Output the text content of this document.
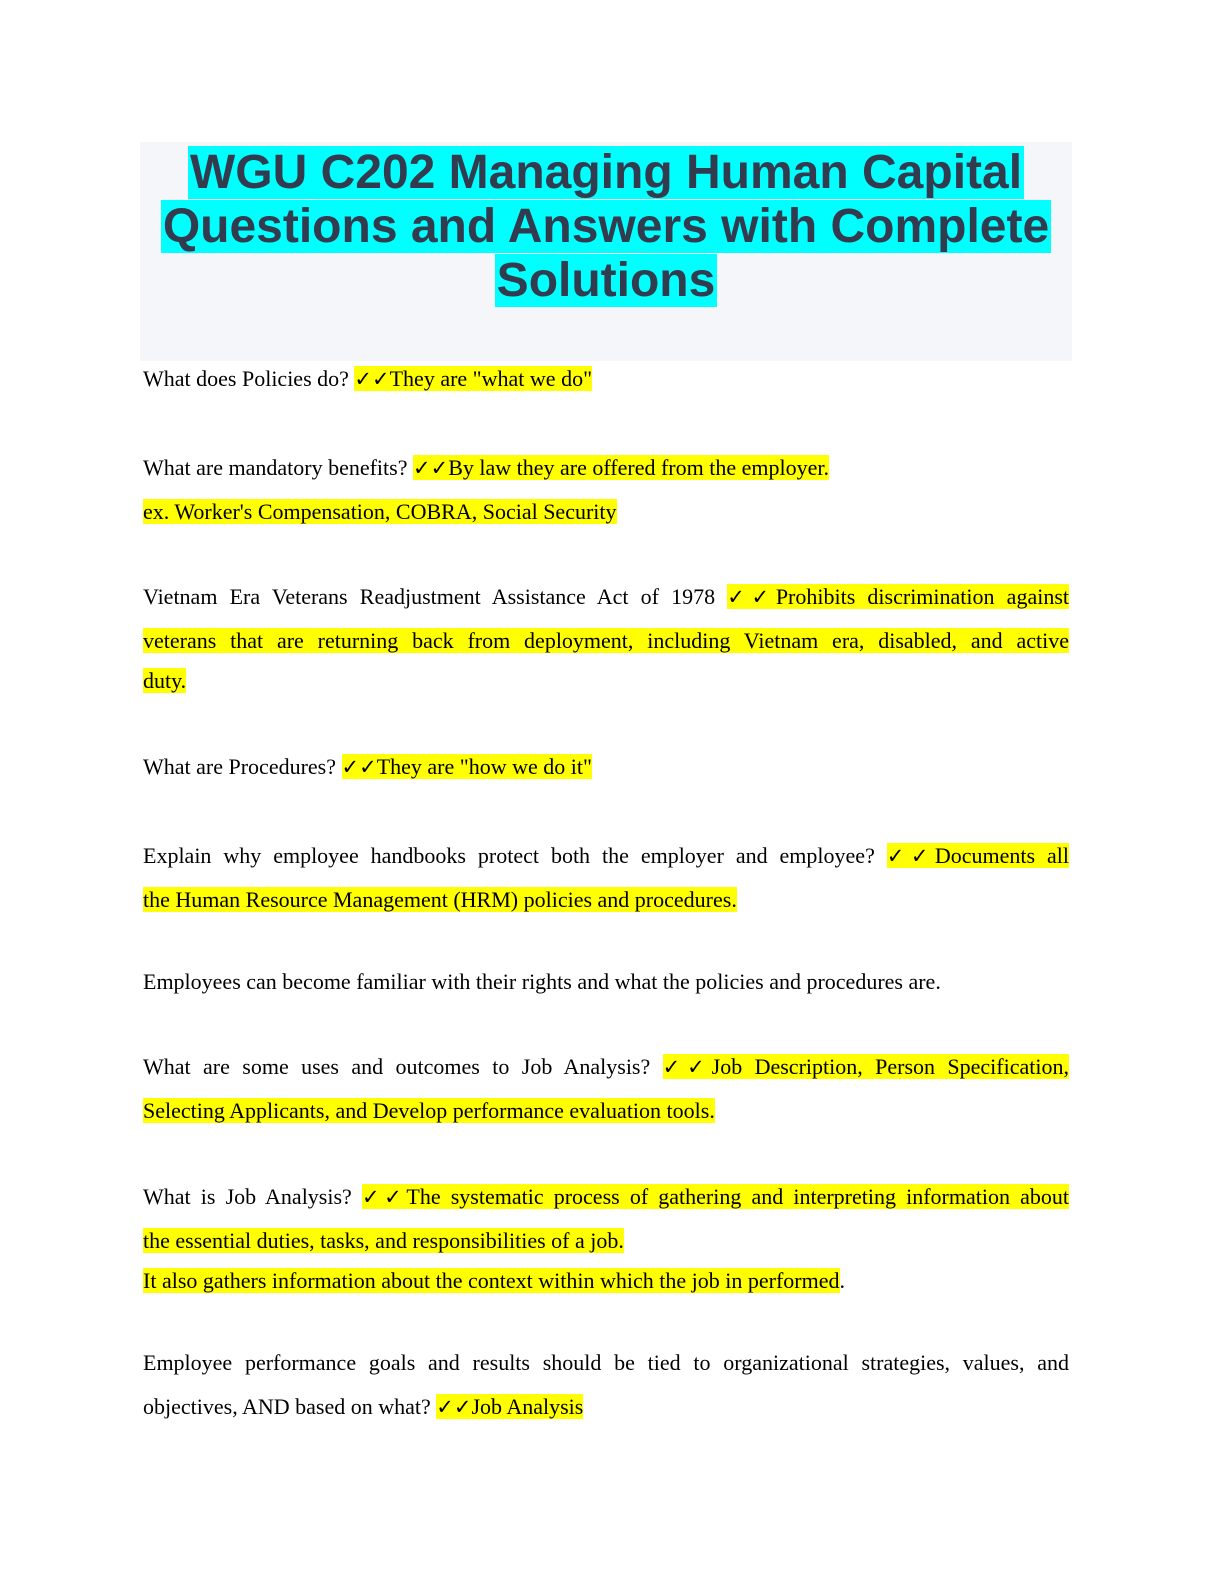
WGU C202 Managing Human Capital
Questions and Answers with Complete
Solutions
What does Policies do? ✓✓They are "what we do"
What are mandatory benefits? ✓✓By law they are offered from the employer.
ex. Worker's Compensation, COBRA, Social Security
Vietnam Era Veterans Readjustment Assistance Act of 1978 ✓✓Prohibits discrimination against
veterans that are returning back from deployment, including Vietnam era, disabled, and active
duty.
What are Procedures? ✓✓They are "how we do it"
Explain why employee handbooks protect both the employer and employee? ✓✓Documents all
the Human Resource Management (HRM) policies and procedures.
Employees can become familiar with their rights and what the policies and procedures are.
What are some uses and outcomes to Job Analysis? ✓✓Job Description, Person Specification,
Selecting Applicants, and Develop performance evaluation tools.
What is Job Analysis? ✓✓The systematic process of gathering and interpreting information about
the essential duties, tasks, and responsibilities of a job.
It also gathers information about the context within which the job in performed.
Employee performance goals and results should be tied to organizational strategies, values, and
objectives, AND based on what? ✓✓Job Analysis
